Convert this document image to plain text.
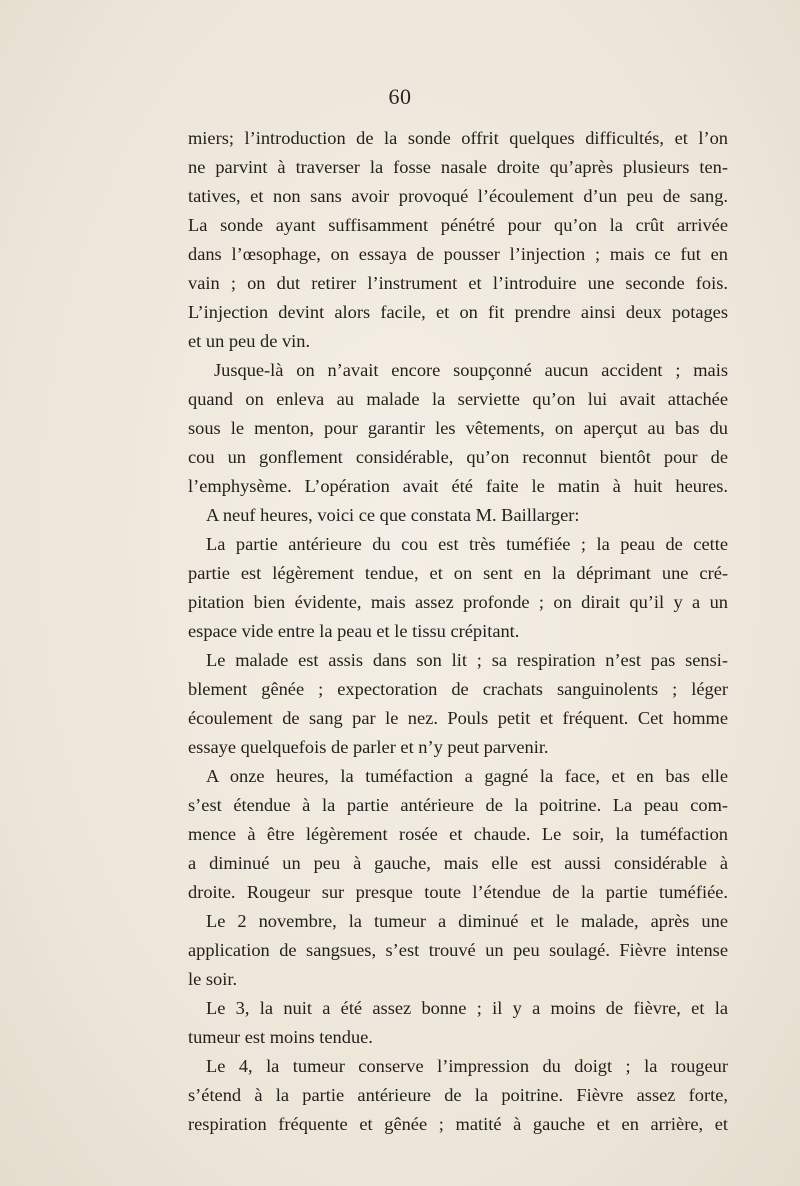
60
miers; l’introduction de la sonde offrit quelques difficultés, et l’on
ne parvint à traverser la fosse nasale droite qu’après plusieurs ten-
tatives, et non sans avoir provoqué l’écoulement d’un peu de sang.
La sonde ayant suffisamment pénétré pour qu’on la crût arrivée
dans l’œsophage, on essaya de pousser l’injection ; mais ce fut en
vain ; on dut retirer l’instrument et l’introduire une seconde fois.
L’injection devint alors facile, et on fit prendre ainsi deux potages
et un peu de vin.
Jusque-là on n’avait encore soupçonné aucun accident ; mais
quand on enleva au malade la serviette qu’on lui avait attachée
sous le menton, pour garantir les vêtements, on aperçut au bas du
cou un gonflement considérable, qu’on reconnut bientôt pour de
l’emphysème. L’opération avait été faite le matin à huit heures.
A neuf heures, voici ce que constata M. Baillarger:
La partie antérieure du cou est très tuméfiée ; la peau de cette
partie est légèrement tendue, et on sent en la déprimant une cré-
pitation bien évidente, mais assez profonde ; on dirait qu’il y a un
espace vide entre la peau et le tissu crépitant.
Le malade est assis dans son lit ; sa respiration n’est pas sensi-
blement gênée ; expectoration de crachats sanguinolents ; léger
écoulement de sang par le nez. Pouls petit et fréquent. Cet homme
essaye quelquefois de parler et n’y peut parvenir.
A onze heures, la tuméfaction a gagné la face, et en bas elle
s’est étendue à la partie antérieure de la poitrine. La peau com-
mence à être légèrement rosée et chaude. Le soir, la tuméfaction
a diminué un peu à gauche, mais elle est aussi considérable à
droite. Rougeur sur presque toute l’étendue de la partie tuméfiée.
Le 2 novembre, la tumeur a diminué et le malade, après une
application de sangsues, s’est trouvé un peu soulagé. Fièvre intense
le soir.
Le 3, la nuit a été assez bonne ; il y a moins de fièvre, et la
tumeur est moins tendue.
Le 4, la tumeur conserve l’impression du doigt ; la rougeur
s’étend à la partie antérieure de la poitrine. Fièvre assez forte,
respiration fréquente et gênée ; matité à gauche et en arrière, et
